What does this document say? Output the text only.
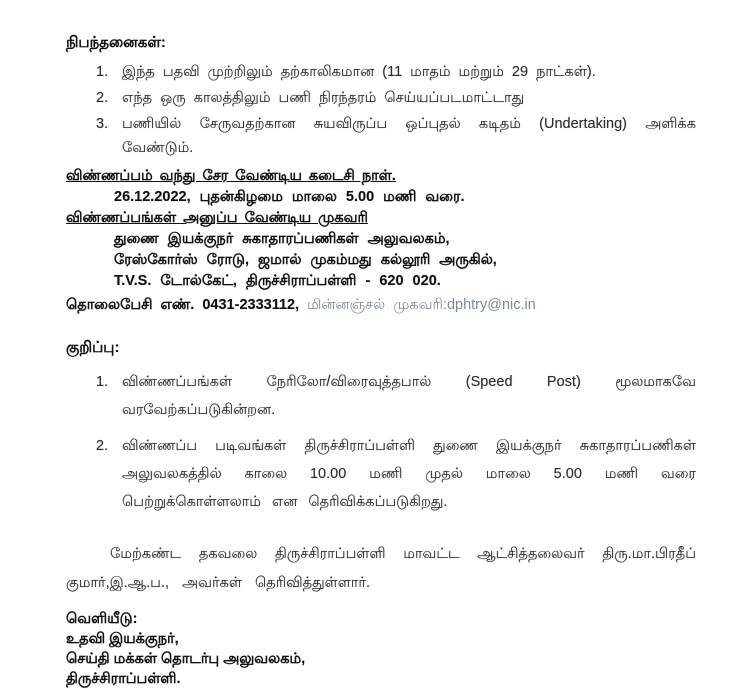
நிபந்தனைகள்:
1. இந்த பதவி முற்றிலும் தற்காலிகமான (11 மாதம் மற்றும் 29 நாட்கள்).
2. எந்த ஒரு காலத்திலும் பணி நிரந்தரம் செய்யப்படமாட்டாது
3. பணியில் சேருவதற்கான சுயவிருப்ப ஒப்புதல் கடிதம் (Undertaking) அளிக்க வேண்டும்.
விண்ணப்பம் வந்து சேர வேண்டிய கடைசி நாள்.
26.12.2022, புதன்கிழமை மாலை 5.00 மணி வரை.
விண்ணப்பங்கள் அனுப்ப வேண்டிய முகவரி
துணை இயக்குநர் சுகாதாரப்பணிகள் அலுவலகம்,
ரேஸ்கோர்ஸ் ரோடு, ஜமால் முகம்மது கல்லூரி அருகில்,
T.V.S. டோல்கேட், திருச்சிராப்பள்ளி - 620 020.
தொலைபேசி எண். 0431-2333112, மின்னஞ்சல் முகவரி:dphtry@nic.in
குறிப்பு:
1. விண்ணப்பங்கள் நேரிலோ/விரைவுத்தபால் (Speed Post) மூலமாகவே வரவேற்கப்படுகின்றன.
2. விண்ணப்ப படிவங்கள் திருச்சிராப்பள்ளி துணை இயக்குநர் சுகாதாரப்பணிகள் அலுவலகத்தில் காலை 10.00 மணி முதல் மாலை 5.00 மணி வரை பெற்றுக்கொள்ளலாம் என தெரிவிக்கப்படுகிறது.

மேற்கண்ட தகவலை திருச்சிராப்பள்ளி மாவட்ட ஆட்சித்தலைவர் திரு.மா.பிரதீப் குமார்,இ.ஆ.ப., அவர்கள் தெரிவித்துள்ளார்.

வெளியீடு:
உதவி இயக்குநர்,
செய்தி மக்கள் தொடர்பு அலுவலகம்,
திருச்சிராப்பள்ளி.
